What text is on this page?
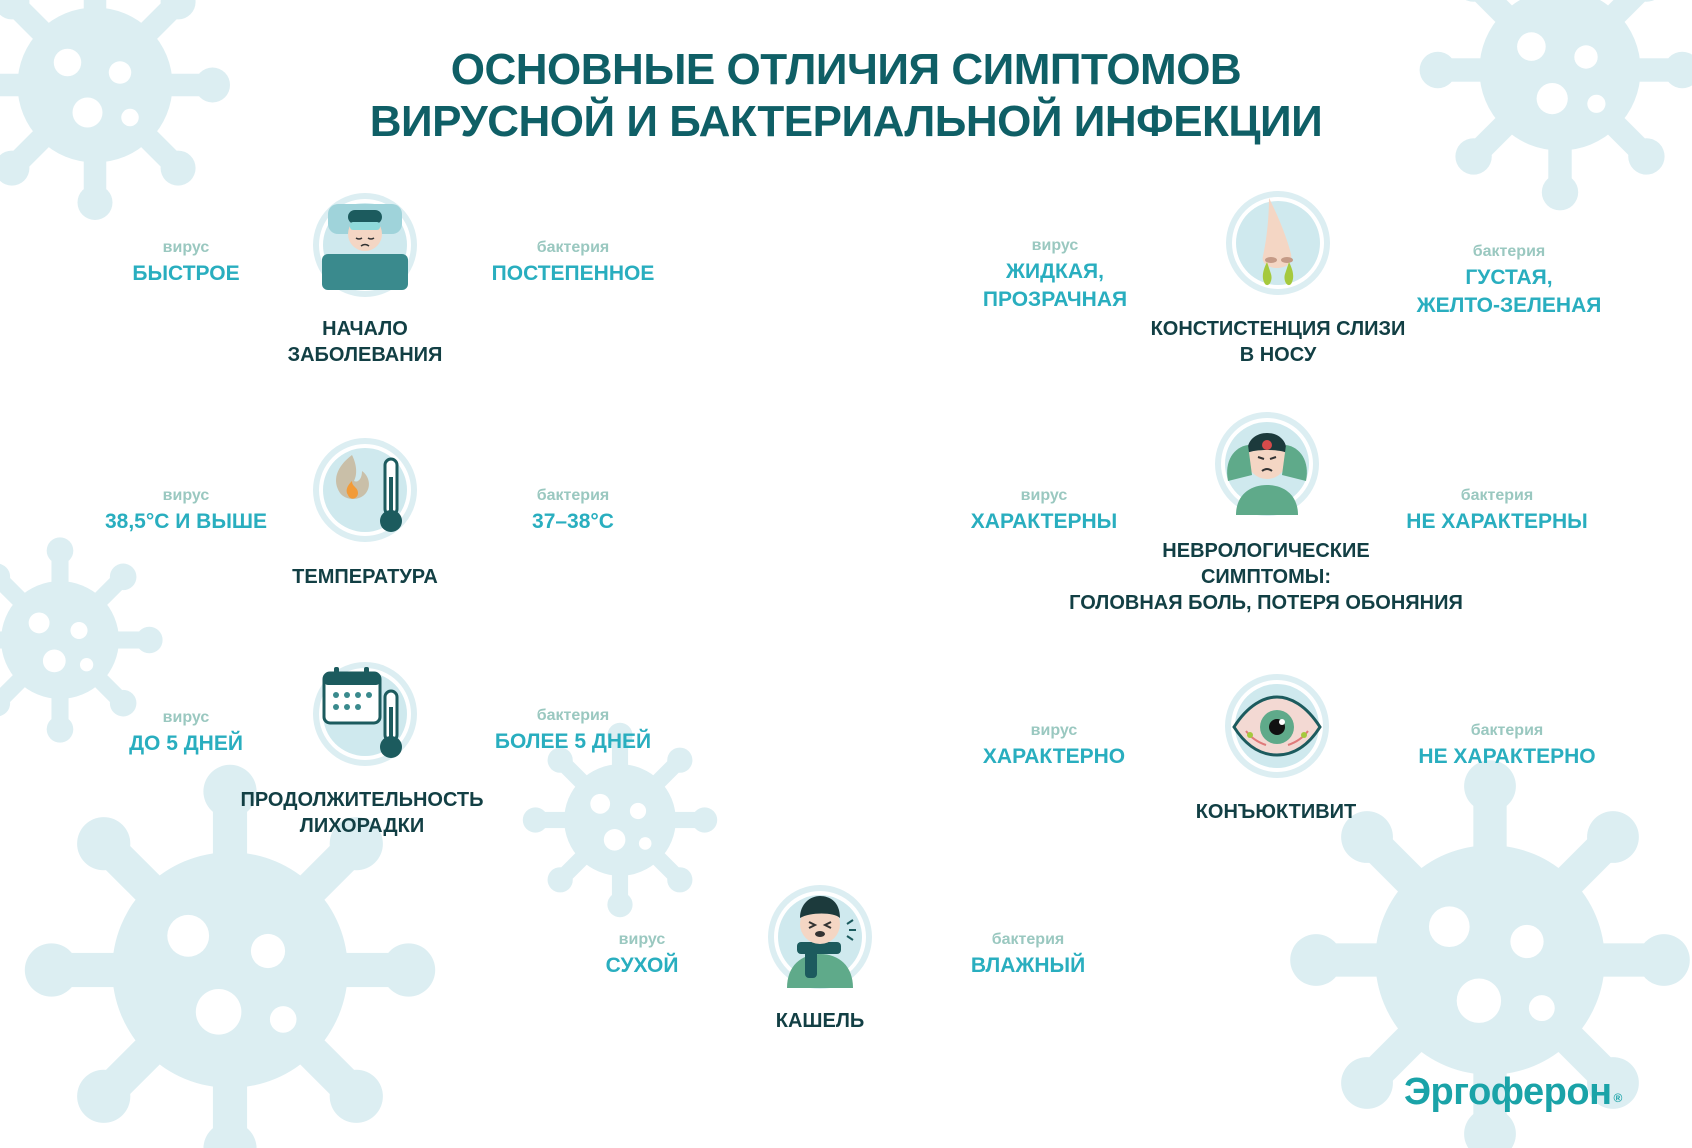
ОСНОВНЫЕ ОТЛИЧИЯ СИМПТОМОВ
ВИРУСНОЙ И БАКТЕРИАЛЬНОЙ ИНФЕКЦИИ
вирус
БЫСТРОЕ
бактерия
ПОСТЕПЕННОЕ
НАЧАЛО
ЗАБОЛЕВАНИЯ
вирус
38,5°С И ВЫШЕ
бактерия
37–38°С
ТЕМПЕРАТУРА
вирус
ДО 5 ДНЕЙ
бактерия
БОЛЕЕ 5 ДНЕЙ
ПРОДОЛЖИТЕЛЬНОСТЬ
ЛИХОРАДКИ
вирус
СУХОЙ
бактерия
ВЛАЖНЫЙ
КАШЕЛЬ
вирус
ЖИДКАЯ,
ПРОЗРАЧНАЯ
бактерия
ГУСТАЯ,
ЖЕЛТО-ЗЕЛЕНАЯ
КОНСТИСТЕНЦИЯ СЛИЗИ
В НОСУ
вирус
ХАРАКТЕРНЫ
бактерия
НЕ ХАРАКТЕРНЫ
НЕВРОЛОГИЧЕСКИЕ
СИМПТОМЫ:
ГОЛОВНАЯ БОЛЬ, ПОТЕРЯ ОБОНЯНИЯ
вирус
ХАРАКТЕРНО
бактерия
НЕ ХАРАКТЕРНО
КОНЪЮКТИВИТ
Эргоферон ®
